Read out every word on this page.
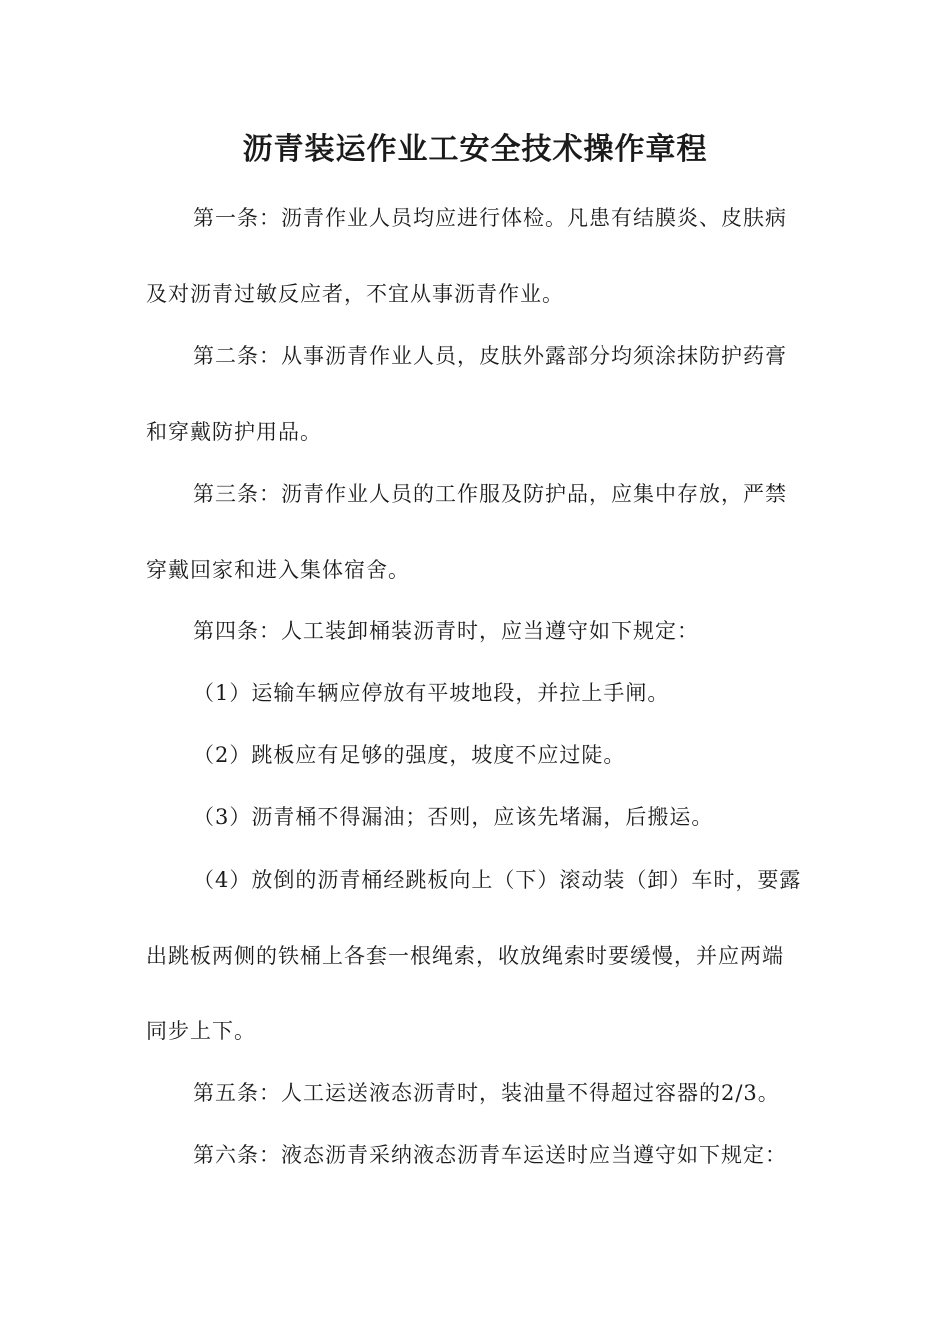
沥青装运作业工安全技术操作章程
第一条：沥青作业人员均应进行体检。凡患有结膜炎、皮肤病
及对沥青过敏反应者，不宜从事沥青作业。
第二条：从事沥青作业人员，皮肤外露部分均须涂抹防护药膏
和穿戴防护用品。
第三条：沥青作业人员的工作服及防护品，应集中存放，严禁
穿戴回家和进入集体宿舍。
第四条：人工装卸桶装沥青时，应当遵守如下规定：
（1）运输车辆应停放有平坡地段，并拉上手闸。
（2）跳板应有足够的强度，坡度不应过陡。
（3）沥青桶不得漏油；否则，应该先堵漏，后搬运。
（4）放倒的沥青桶经跳板向上（下）滚动装（卸）车时，要露
出跳板两侧的铁桶上各套一根绳索，收放绳索时要缓慢，并应两端
同步上下。
第五条：人工运送液态沥青时，装油量不得超过容器的2/3。
第六条：液态沥青采纳液态沥青车运送时应当遵守如下规定：
